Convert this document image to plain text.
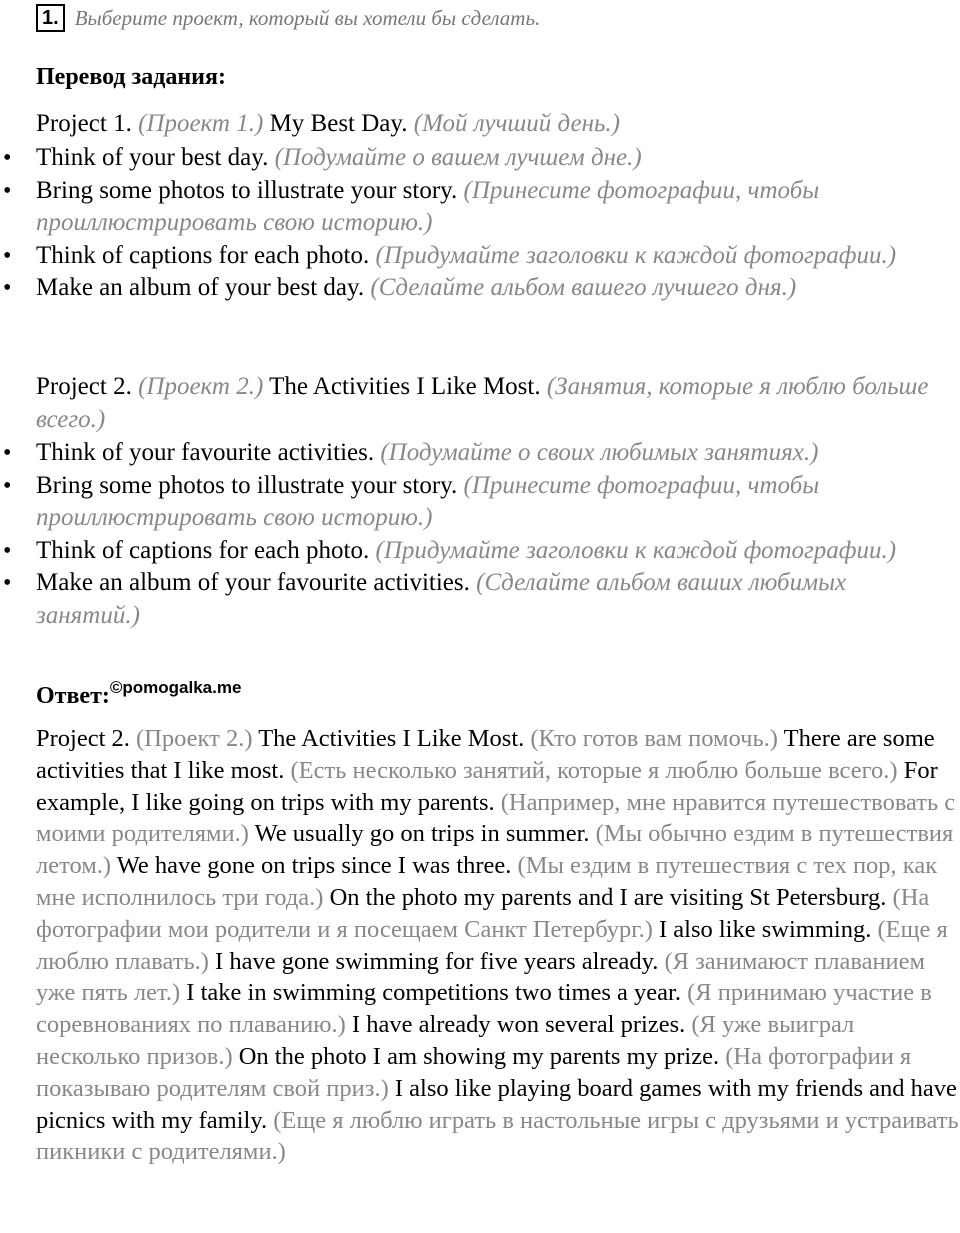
1. Выберите проект, который вы хотели бы сделать.
Перевод задания:
Project 1. (Проект 1.) My Best Day. (Мой лучший день.)
• Think of your best day. (Подумайте о вашем лучшем дне.)
• Bring some photos to illustrate your story. (Принесите фотографии, чтобы проиллюстрировать свою историю.)
• Think of captions for each photo. (Придумайте заголовки к каждой фотографии.)
• Make an album of your best day. (Сделайте альбом вашего лучшего дня.)
Project 2. (Проект 2.) The Activities I Like Most. (Занятия, которые я люблю больше всего.)
• Think of your favourite activities. (Подумайте о своих любимых занятиях.)
• Bring some photos to illustrate your story. (Принесите фотографии, чтобы проиллюстрировать свою историю.)
• Think of captions for each photo. (Придумайте заголовки к каждой фотографии.)
• Make an album of your favourite activities. (Сделайте альбом ваших любимых занятий.)
Ответ:©pomogalka.me
Project 2. (Проект 2.) The Activities I Like Most. (Кто готов вам помочь.) There are some activities that I like most. (Есть несколько занятий, которые я люблю больше всего.) For example, I like going on trips with my parents. (Например, мне нравится путешествовать с моими родителями.) We usually go on trips in summer. (Мы обычно ездим в путешествия летом.) We have gone on trips since I was three. (Мы ездим в путешествия с тех пор, как мне исполнилось три года.) On the photo my parents and I are visiting St Petersburg. (На фотографии мои родители и я посещаем Санкт Петербург.) I also like swimming. (Еще я люблю плавать.) I have gone swimming for five years already. (Я занимаюст плаванием уже пять лет.) I take in swimming competitions two times a year. (Я принимаю участие в соревнованиях по плаванию.) I have already won several prizes. (Я уже выиграл несколько призов.) On the photo I am showing my parents my prize. (На фотографии я показываю родителям свой приз.) I also like playing board games with my friends and have picnics with my family. (Еще я люблю играть в настольные игры с друзьями и устраивать пикники с родителями.)
